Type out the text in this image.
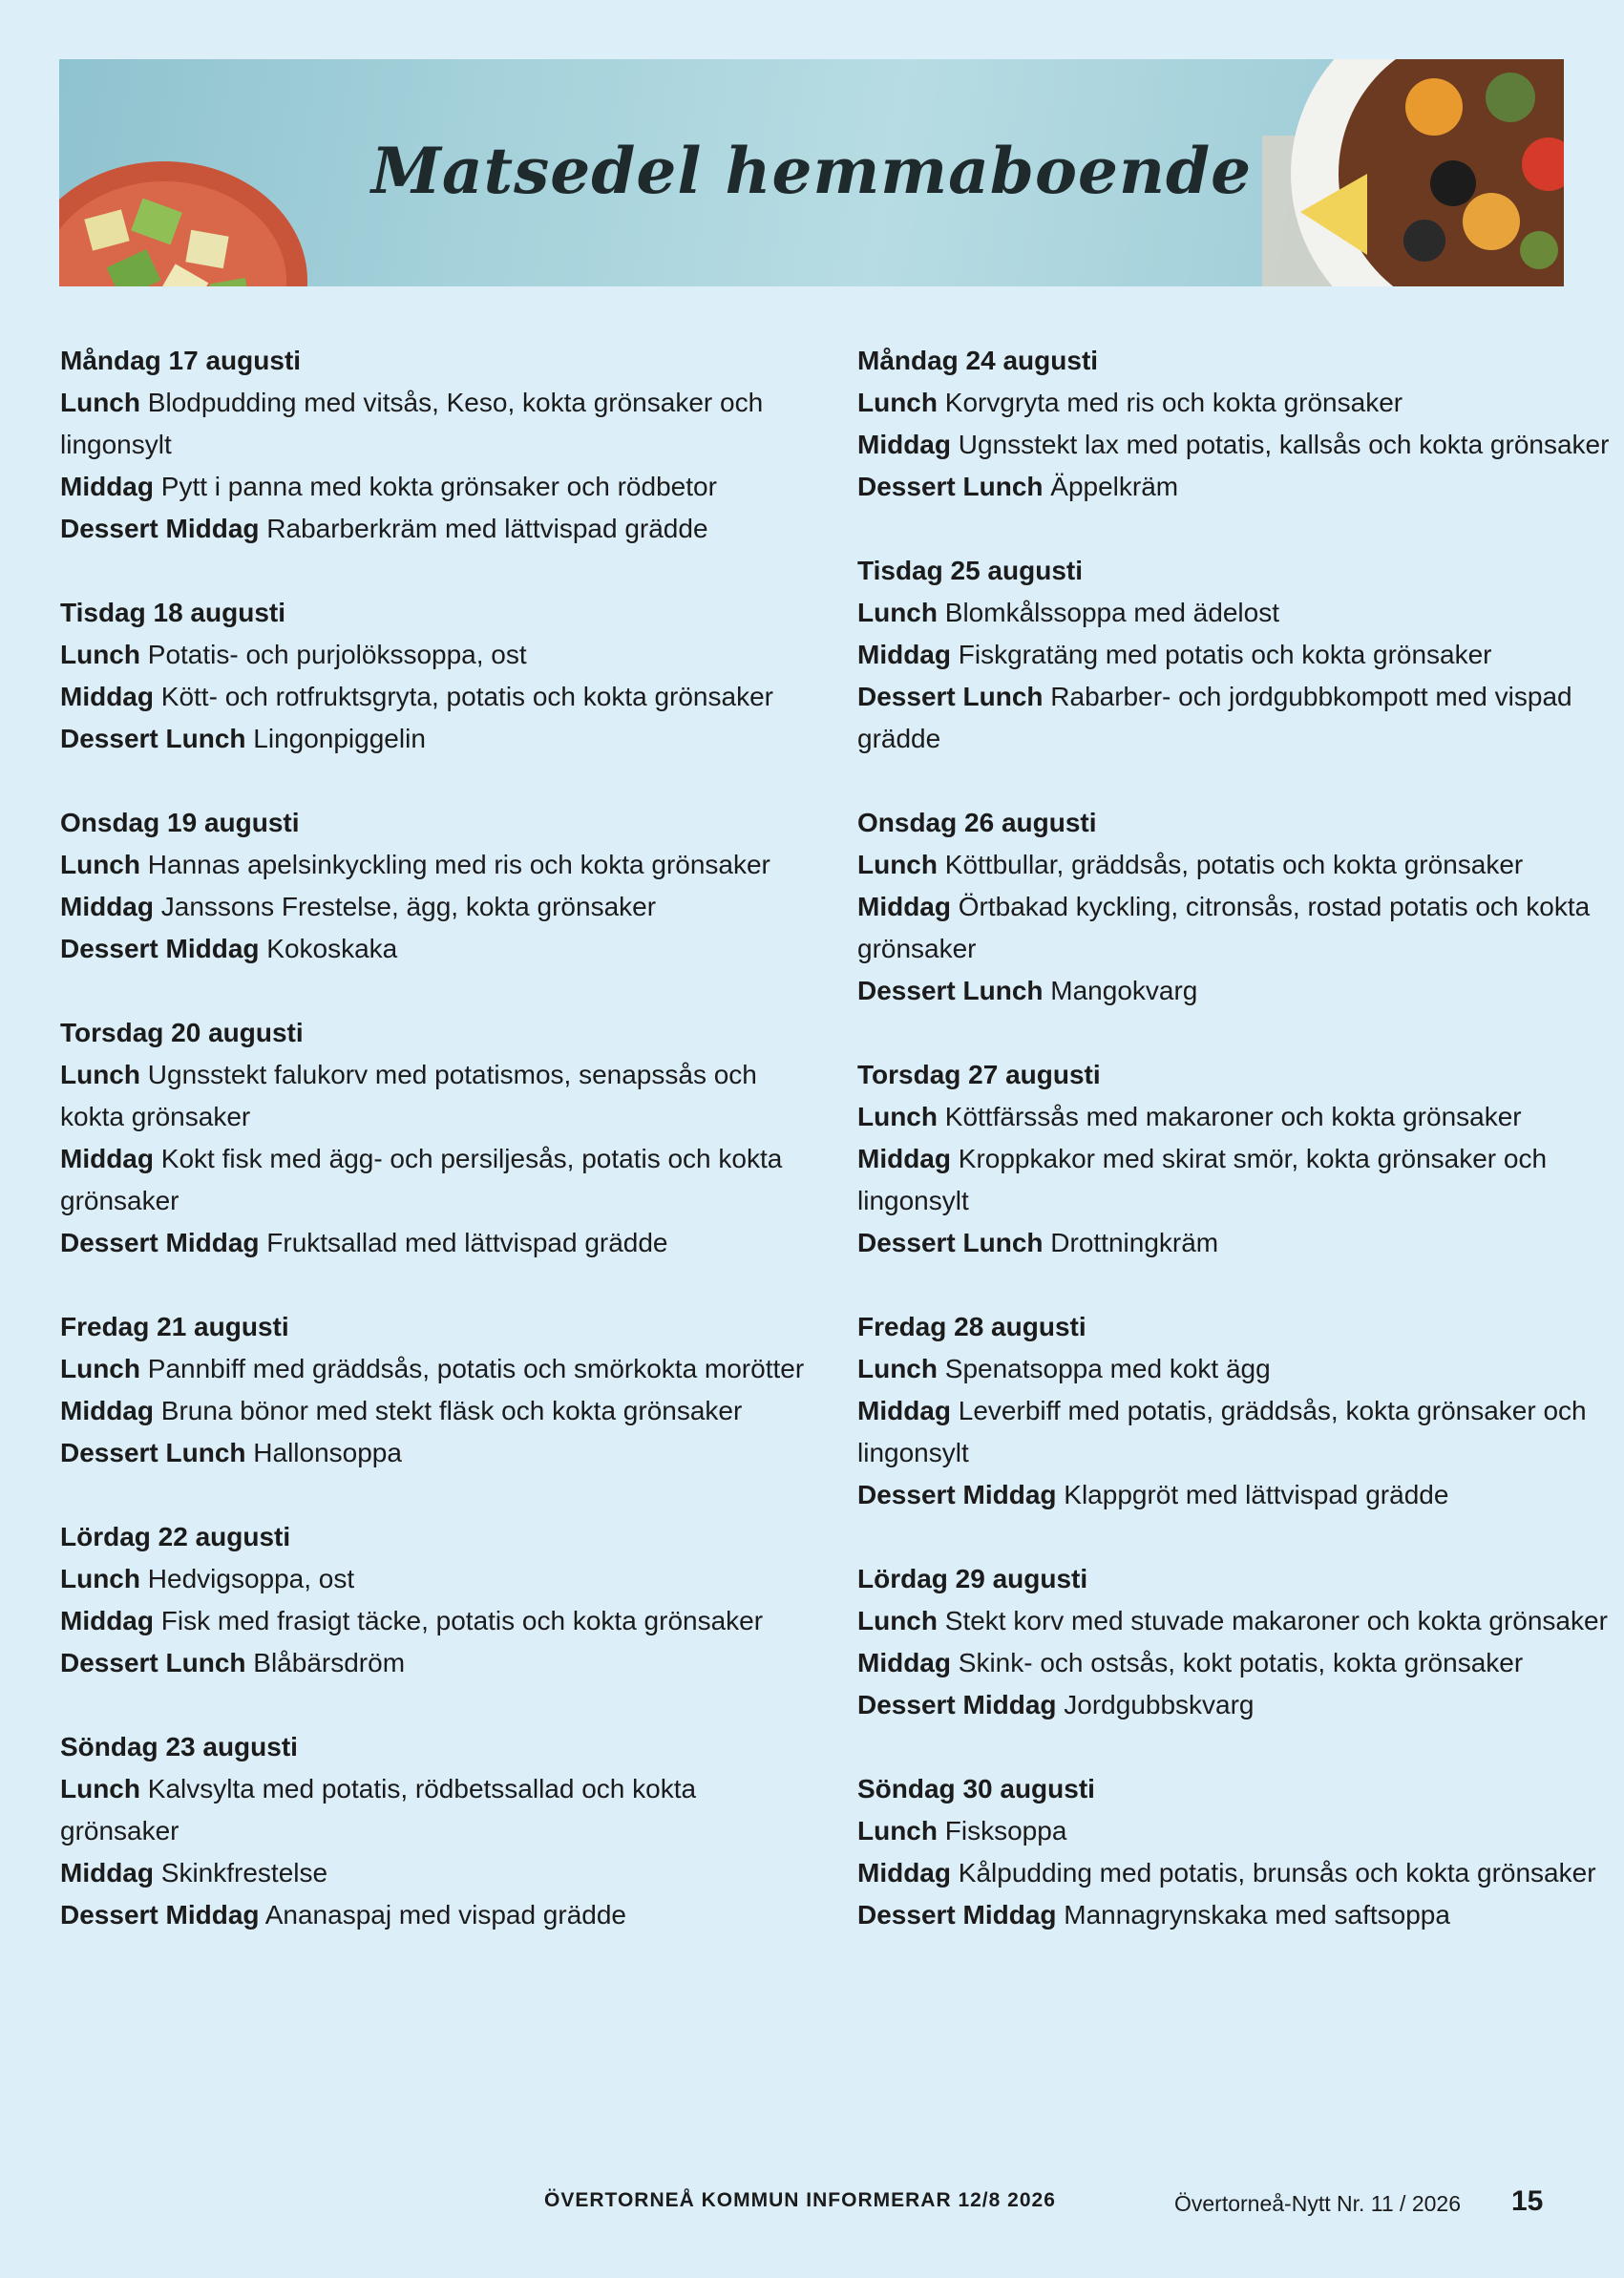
Matsedel hemmaboende

Måndag 17 augusti

Lunch Blodpudding med vitsås, Keso, kokta grönsaker och lingonsylt

Middag Pytt i panna med kokta grönsaker och rödbetor

Dessert Middag Rabarberkräm med lättvispad grädde

Tisdag 18 augusti

Lunch Potatis- och purjolökssoppa, ost

Middag Kött- och rotfruktsgryta, potatis och kokta grönsaker

Dessert Lunch Lingonpiggelin

Onsdag 19 augusti

Lunch Hannas apelsinkyckling med ris och kokta grönsaker

Middag Janssons Frestelse, ägg, kokta grönsaker

Dessert Middag Kokoskaka

Torsdag 20 augusti

Lunch Ugnsstekt falukorv med potatismos, senapssås och kokta grönsaker

Middag Kokt fisk med ägg- och persiljesås, potatis och kokta grönsaker

Dessert Middag Fruktsallad med lättvispad grädde

Fredag 21 augusti

Lunch Pannbiff med gräddsås, potatis och smörkokta morötter

Middag Bruna bönor med stekt fläsk och kokta grönsaker

Dessert Lunch Hallonsoppa

Lördag 22 augusti

Lunch Hedvigsoppa, ost

Middag Fisk med frasigt täcke, potatis och kokta grönsaker

Dessert Lunch Blåbärsdröm

Söndag 23 augusti

Lunch Kalvsylta med potatis, rödbetssallad och kokta grönsaker

Middag Skinkfrestelse

Dessert Middag Ananaspaj med vispad grädde

Måndag 24 augusti

Lunch Korvgryta med ris och kokta grönsaker

Middag Ugnsstekt lax med potatis, kallsås och kokta grönsaker

Dessert Lunch Äppelkräm

Tisdag 25 augusti

Lunch Blomkålssoppa med ädelost

Middag Fiskgratäng med potatis och kokta grönsaker

Dessert Lunch Rabarber- och jordgubbkompott med vispad grädde

Onsdag 26 augusti

Lunch Köttbullar, gräddsås, potatis och kokta grönsaker

Middag Örtbakad kyckling, citronsås, rostad potatis och kokta grönsaker

Dessert Lunch Mangokvarg

Torsdag 27 augusti

Lunch Köttfärssås med makaroner och kokta grönsaker

Middag Kroppkakor med skirat smör, kokta grönsaker och lingonsylt

Dessert Lunch Drottningkräm

Fredag 28 augusti

Lunch Spenatsoppa med kokt ägg

Middag Leverbiff med potatis, gräddsås, kokta grönsaker och lingonsylt

Dessert Middag Klappgröt med lättvispad grädde

Lördag 29 augusti

Lunch Stekt korv med stuvade makaroner och kokta grönsaker

Middag Skink- och ostsås, kokt potatis, kokta grönsaker

Dessert Middag Jordgubbskvarg

Söndag 30 augusti

Lunch Fisksoppa

Middag Kålpudding med potatis, brunsås och kokta grönsaker

Dessert Middag Mannagrynskaka med saftsoppa

ÖVERTORNEÅ KOMMUN INFORMERAR 12/8 2026	Övertorneå-Nytt Nr. 11 / 2026 15
